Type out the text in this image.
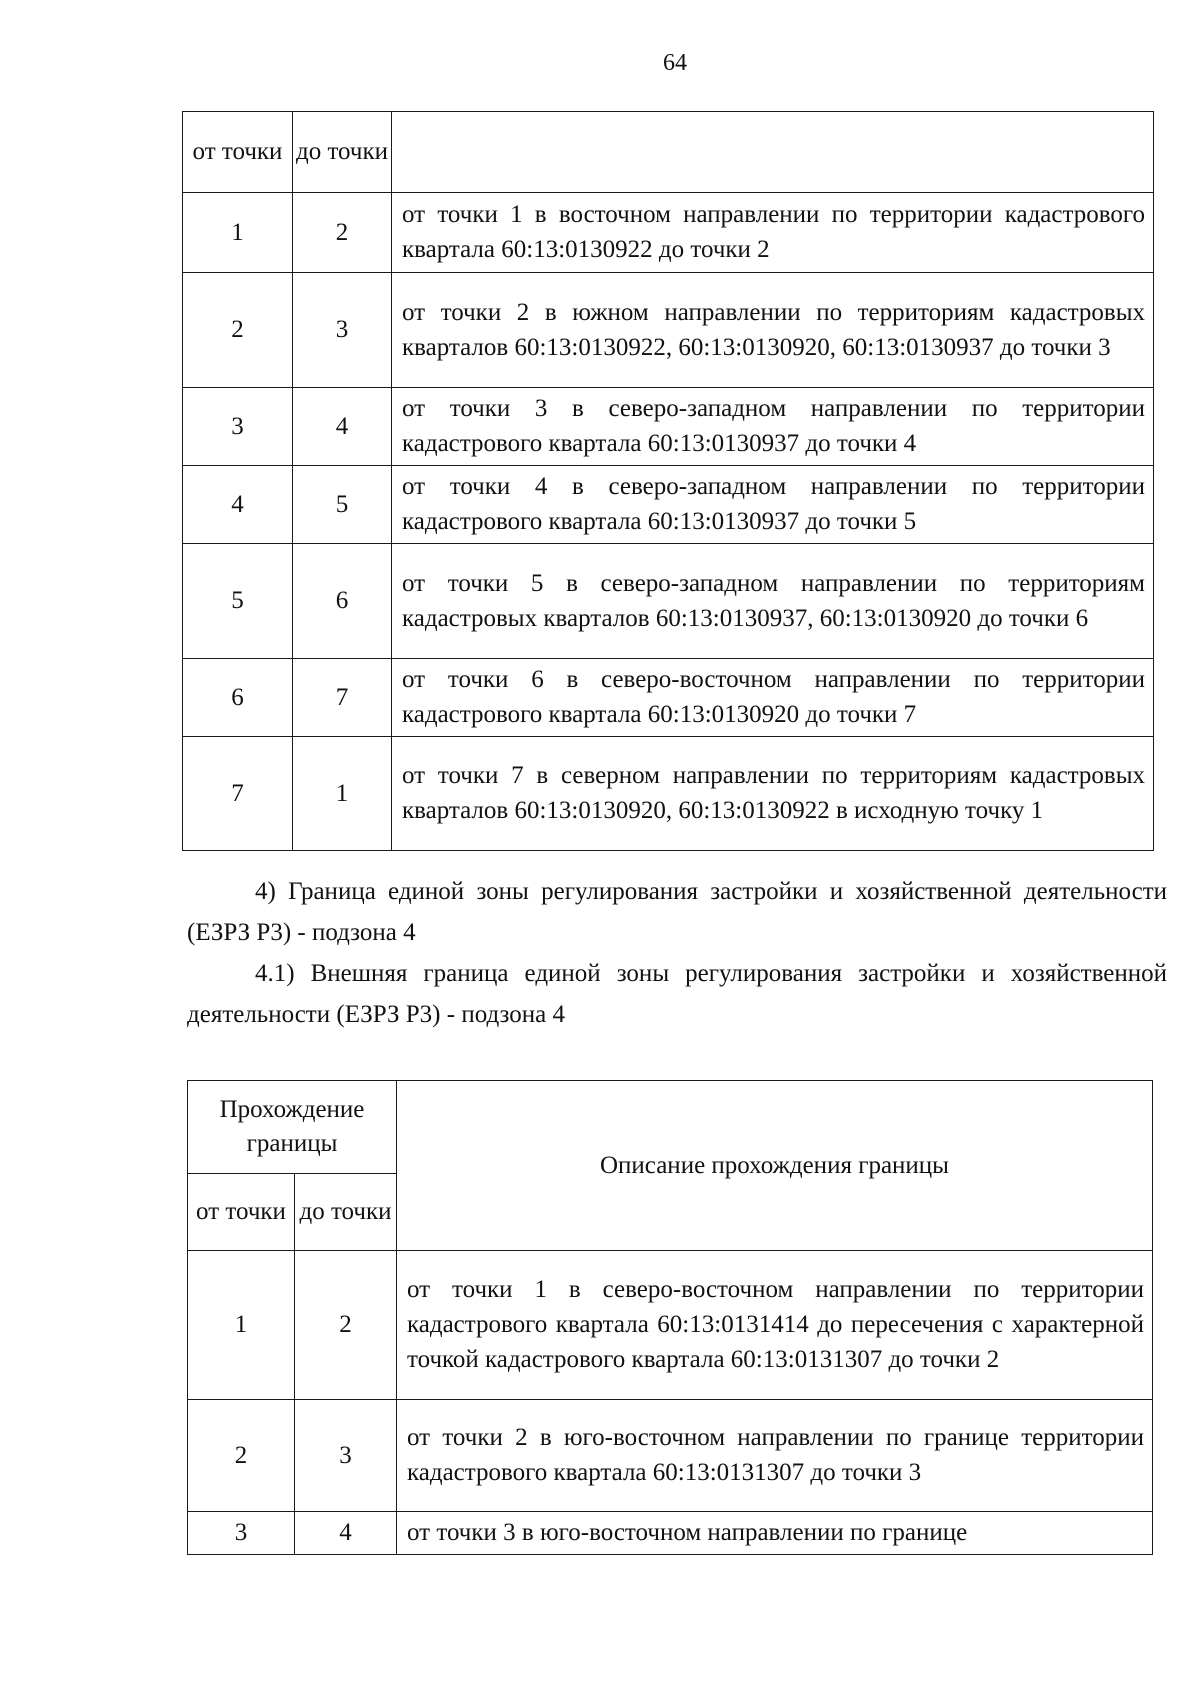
64
от точки	до точки	
1	2	от точки 1 в восточном направлении по территории кадастрового квартала 60:13:0130922 до точки 2
2	3	от точки 2 в южном направлении по территориям кадастровых кварталов 60:13:0130922, 60:13:0130920, 60:13:0130937 до точки 3
3	4	от точки 3 в северо-западном направлении по территории кадастрового квартала 60:13:0130937 до точки 4
4	5	от точки 4 в северо-западном направлении по территории кадастрового квартала 60:13:0130937 до точки 5
5	6	от точки 5 в северо-западном направлении по территориям кадастровых кварталов 60:13:0130937, 60:13:0130920 до точки 6
6	7	от точки 6 в северо-восточном направлении по территории кадастрового квартала 60:13:0130920 до точки 7
7	1	от точки 7 в северном направлении по территориям кадастровых кварталов 60:13:0130920, 60:13:0130922 в исходную точку 1
4) Граница единой зоны регулирования застройки и хозяйственной деятельности (ЕЗРЗ Р3) - подзона 4
4.1) Внешняя граница единой зоны регулирования застройки и хозяйственной деятельности (ЕЗРЗ Р3) - подзона 4
Прохождение границы		Описание прохождения границы
от точки	до точки	
1	2	от точки 1 в северо-восточном направлении по территории кадастрового квартала 60:13:0131414 до пересечения с характерной точкой кадастрового квартала 60:13:0131307 до точки 2
2	3	от точки 2 в юго-восточном направлении по границе территории кадастрового квартала 60:13:0131307 до точки 3
3	4	от точки 3 в юго-восточном направлении по границе
